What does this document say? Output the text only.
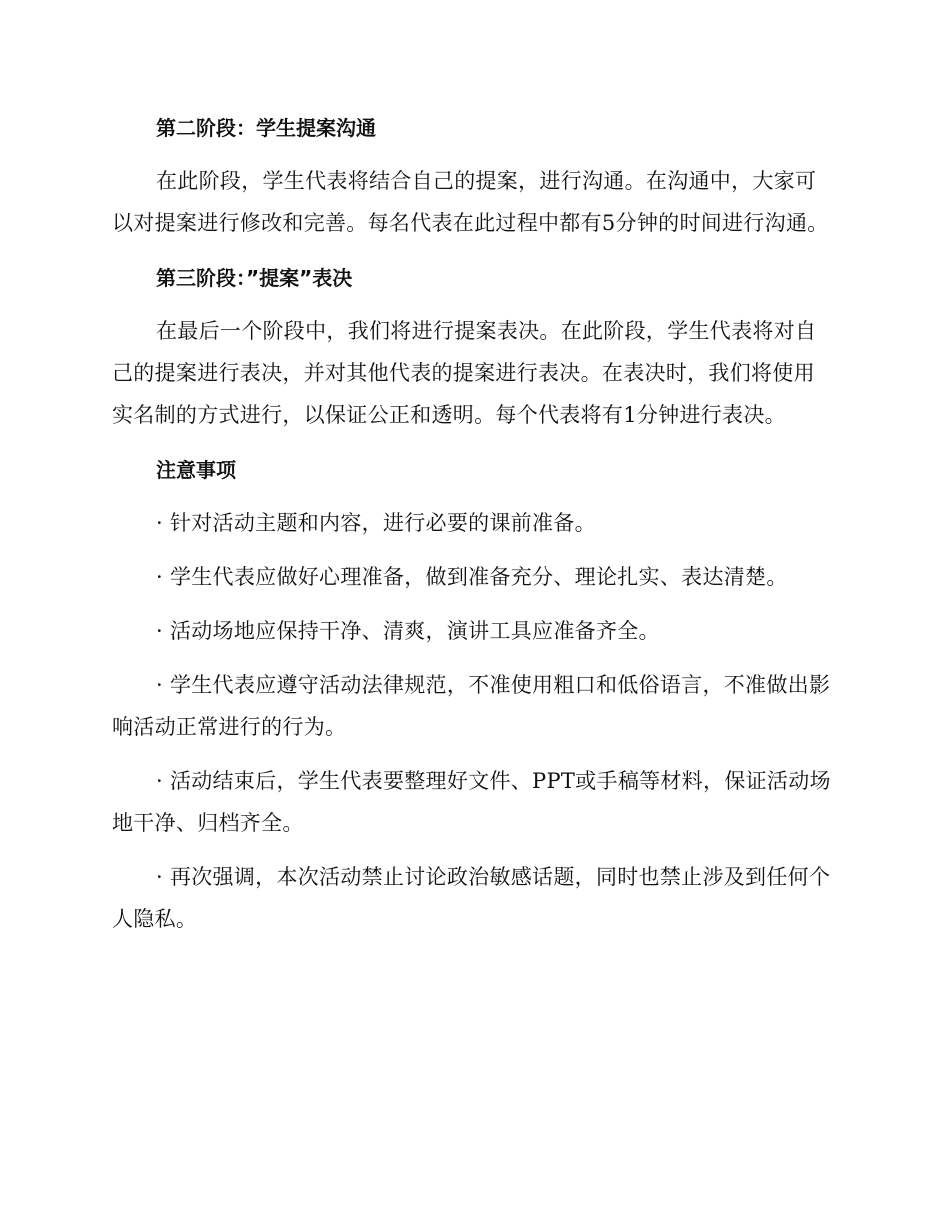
第二阶段：学生提案沟通

在此阶段，学生代表将结合自己的提案，进行沟通。在沟通中，大家可以对提案进行修改和完善。每名代表在此过程中都有5分钟的时间进行沟通。

第三阶段：”提案”表决

在最后一个阶段中，我们将进行提案表决。在此阶段，学生代表将对自己的提案进行表决，并对其他代表的提案进行表决。在表决时，我们将使用实名制的方式进行，以保证公正和透明。每个代表将有1分钟进行表决。

注意事项

· 针对活动主题和内容，进行必要的课前准备。

· 学生代表应做好心理准备，做到准备充分、理论扎实、表达清楚。

· 活动场地应保持干净、清爽，演讲工具应准备齐全。

· 学生代表应遵守活动法律规范，不准使用粗口和低俗语言，不准做出影响活动正常进行的行为。

· 活动结束后，学生代表要整理好文件、PPT或手稿等材料，保证活动场地干净、归档齐全。

· 再次强调，本次活动禁止讨论政治敏感话题，同时也禁止涉及到任何个人隐私。
